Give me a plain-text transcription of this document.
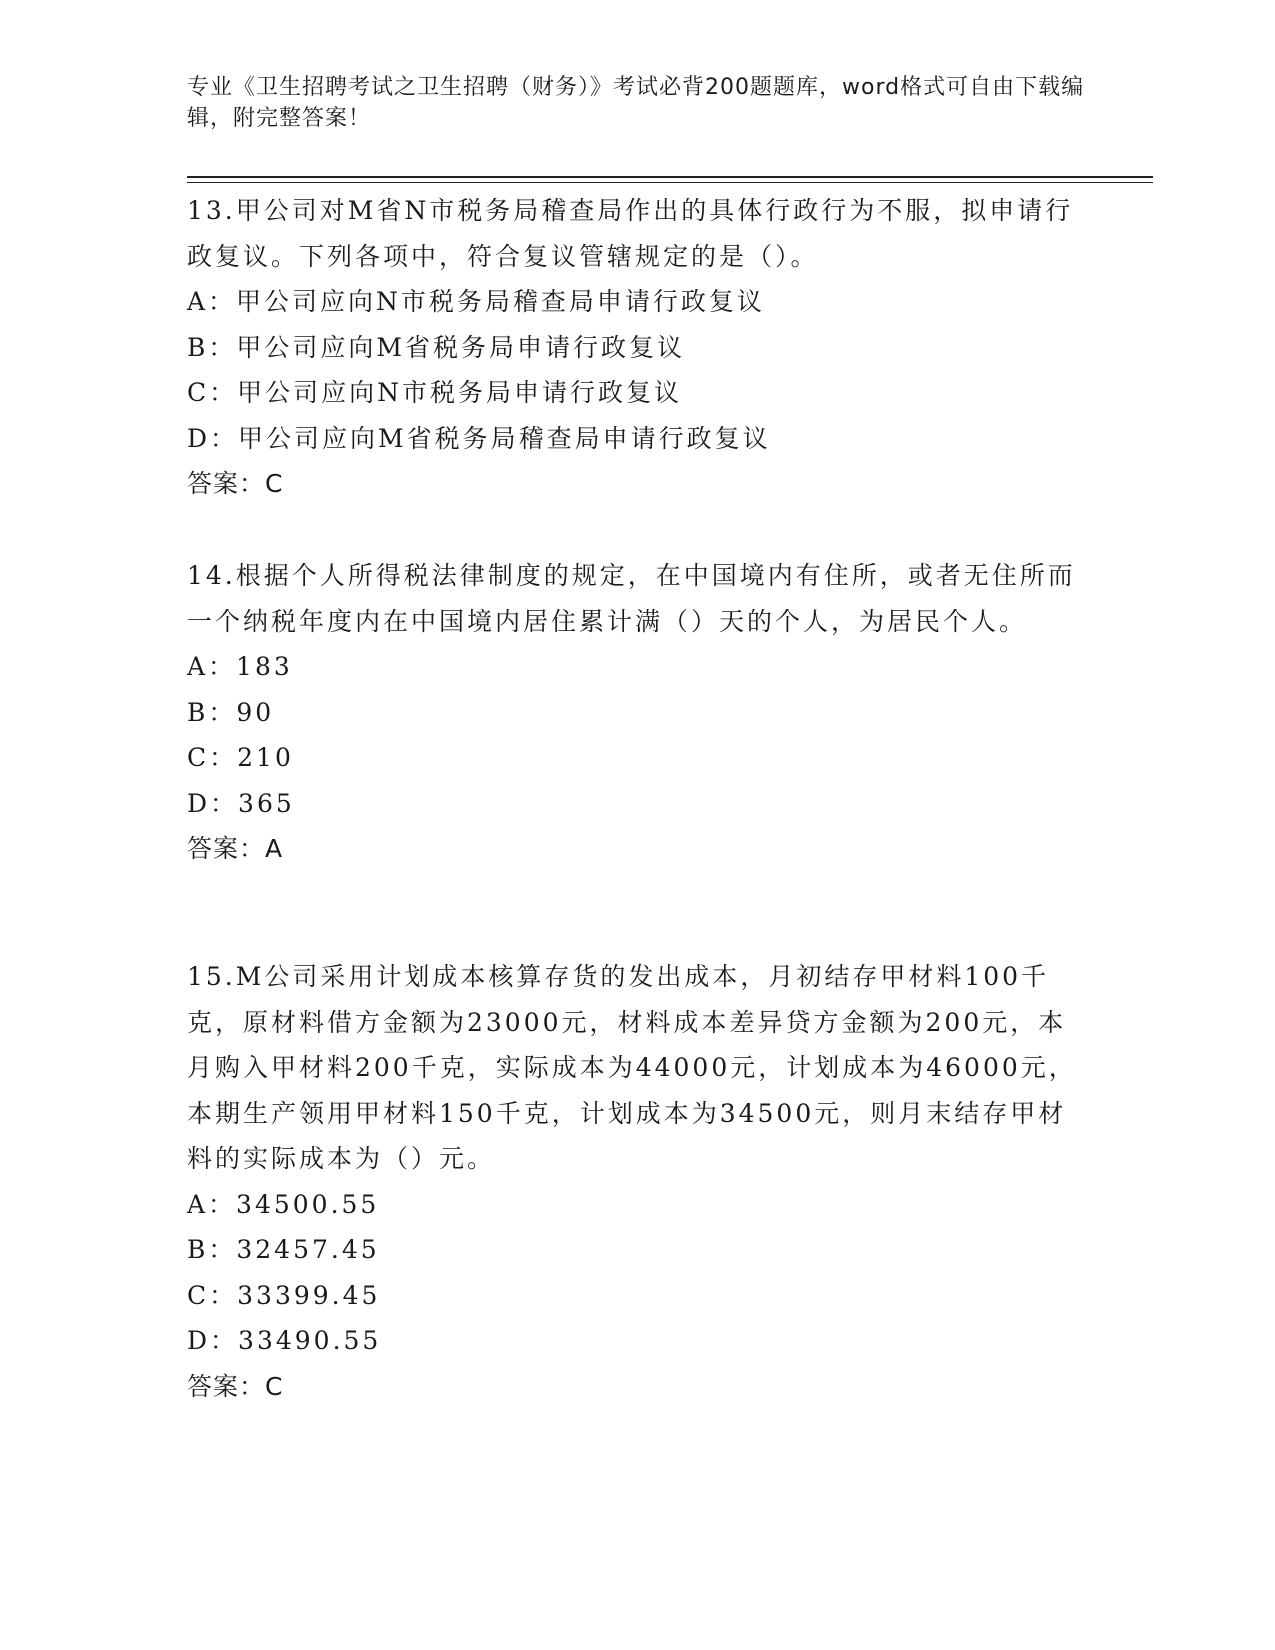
专业《卫生招聘考试之卫生招聘（财务）》考试必背200题题库，word格式可自由下载编辑，附完整答案！

13.甲公司对M省N市税务局稽查局作出的具体行政行为不服，拟申请行政复议。下列各项中，符合复议管辖规定的是（）。

A：甲公司应向N市税务局稽查局申请行政复议
B：甲公司应向M省税务局申请行政复议
C：甲公司应向N市税务局申请行政复议
D：甲公司应向M省税务局稽查局申请行政复议
答案：C

14.根据个人所得税法律制度的规定，在中国境内有住所，或者无住所而一个纳税年度内在中国境内居住累计满（）天的个人，为居民个人。

A：183
B：90
C：210
D：365
答案：A

15.M公司采用计划成本核算存货的发出成本，月初结存甲材料100千克，原材料借方金额为23000元，材料成本差异贷方金额为200元，本月购入甲材料200千克，实际成本为44000元，计划成本为46000元，本期生产领用甲材料150千克，计划成本为34500元，则月末结存甲材料的实际成本为（）元。

A：34500.55
B：32457.45
C：33399.45
D：33490.55
答案：C
